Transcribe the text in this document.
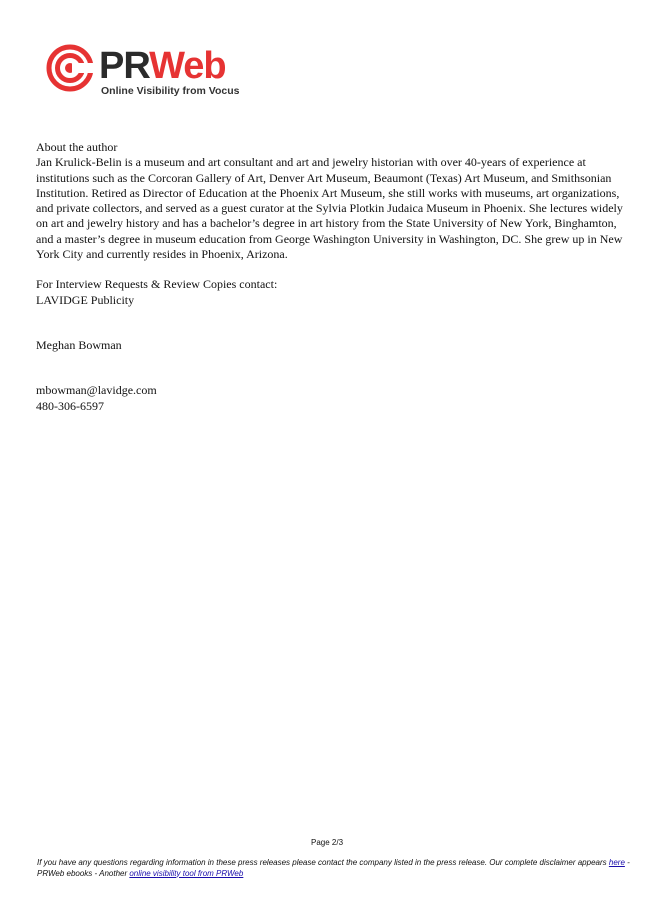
PRWeb
Online Visibility from Vocus

About the author

Jan Krulick-Belin is a museum and art consultant and art and jewelry historian with over 40-years of experience at institutions such as the Corcoran Gallery of Art, Denver Art Museum, Beaumont (Texas) Art Museum, and Smithsonian Institution. Retired as Director of Education at the Phoenix Art Museum, she still works with museums, art organizations, and private collectors, and served as a guest curator at the Sylvia Plotkin Judaica Museum in Phoenix. She lectures widely on art and jewelry history and has a bachelor’s degree in art history from the State University of New York, Binghamton, and a master’s degree in museum education from George Washington University in Washington, DC. She grew up in New York City and currently resides in Phoenix, Arizona.

For Interview Requests & Review Copies contact:

LAVIDGE Publicity

Meghan Bowman

mbowman@lavidge.com

480-306-6597

Page 2/3
If you have any questions regarding information in these press releases please contact the company listed in the press release. Our complete disclaimer appears here - PRWeb ebooks - Another online visibility tool from PRWeb
